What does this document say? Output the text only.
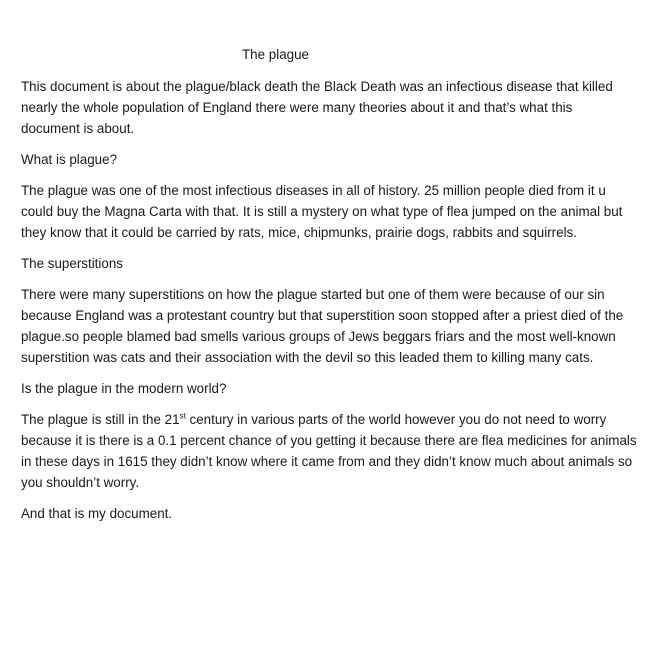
The plague

This document is about the plague/black death the Black Death was an infectious disease that killed
nearly the whole population of England there were many theories about it and that’s what this
document is about.

What is plague?

The plague was one of the most infectious diseases in all of history. 25 million people died from it u
could buy the Magna Carta with that. It is still a mystery on what type of flea jumped on the animal but
they know that it could be carried by rats, mice, chipmunks, prairie dogs, rabbits and squirrels.

The superstitions

There were many superstitions on how the plague started but one of them were because of our sin
because England was a protestant country but that superstition soon stopped after a priest died of the
plague.so people blamed bad smells various groups of Jews beggars friars and the most well-known
superstition was cats and their association with the devil so this leaded them to killing many cats.

Is the plague in the modern world?

The plague is still in the 21st century in various parts of the world however you do not need to worry
because it is there is a 0.1 percent chance of you getting it because there are flea medicines for animals
in these days in 1615 they didn’t know where it came from and they didn’t know much about animals so
you shouldn’t worry.

And that is my document.
